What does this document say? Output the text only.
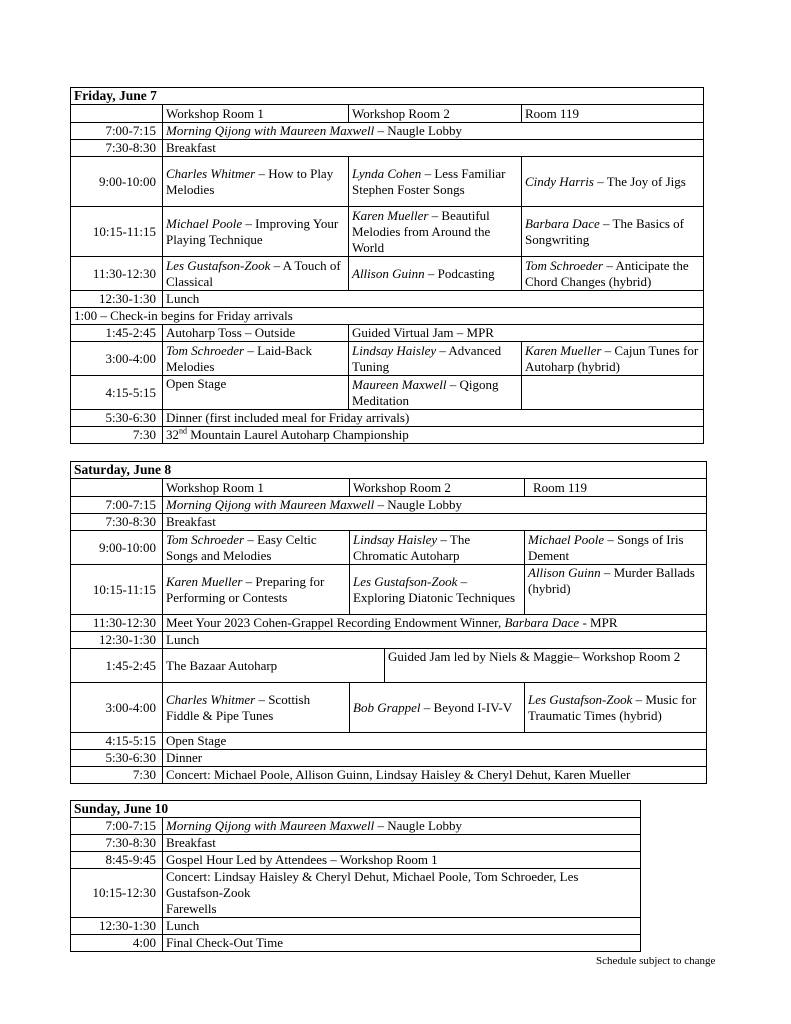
Friday, June 7			
	Workshop Room 1	Workshop Room 2	Room 119
7:00-7:15	Morning Qijong with Maureen Maxwell – Naugle Lobby		
7:30-8:30	Breakfast		
9:00-10:00	Charles Whitmer – How to Play Melodies	Lynda Cohen – Less Familiar Stephen Foster Songs	Cindy Harris – The Joy of Jigs
10:15-11:15	Michael Poole – Improving Your Playing Technique	Karen Mueller – Beautiful Melodies from Around the World	Barbara Dace – The Basics of Songwriting
11:30-12:30	Les Gustafson-Zook – A Touch of Classical	Allison Guinn – Podcasting	Tom Schroeder – Anticipate the Chord Changes (hybrid)
12:30-1:30	Lunch		
1:00 – Check-in begins for Friday arrivals			
1:45-2:45	Autoharp Toss – Outside	Guided Virtual Jam – MPR	
3:00-4:00	Tom Schroeder – Laid-Back Melodies	Lindsay Haisley – Advanced Tuning	Karen Mueller – Cajun Tunes for Autoharp (hybrid)
4:15-5:15	Open Stage	Maureen Maxwell – Qigong Meditation	
5:30-6:30	Dinner (first included meal for Friday arrivals)		
7:30	32nd Mountain Laurel Autoharp Championship		
Saturday, June 8				
	Workshop Room 1	Workshop Room 2		Room 119
7:00-7:15	Morning Qijong with Maureen Maxwell – Naugle Lobby			
7:30-8:30	Breakfast			
9:00-10:00	Tom Schroeder – Easy Celtic Songs and Melodies	Lindsay Haisley – The Chromatic Autoharp		Michael Poole – Songs of Iris Dement
10:15-11:15	Karen Mueller – Preparing for Performing or Contests	Les Gustafson-Zook – Exploring Diatonic Techniques		Allison Guinn – Murder Ballads (hybrid)
11:30-12:30	Meet Your 2023 Cohen-Grappel Recording Endowment Winner, Barbara Dace - MPR			
12:30-1:30	Lunch			
1:45-2:45	The Bazaar Autoharp		Guided Jam led by Niels & Maggie– Workshop Room 2	
3:00-4:00	Charles Whitmer – Scottish Fiddle & Pipe Tunes	Bob Grappel – Beyond I-IV-V		Les Gustafson-Zook – Music for Traumatic Times (hybrid)
4:15-5:15	Open Stage			
5:30-6:30	Dinner			
7:30	Concert: Michael Poole, Allison Guinn, Lindsay Haisley & Cheryl Dehut, Karen Mueller			
Sunday, June 10	
7:00-7:15	Morning Qijong with Maureen Maxwell – Naugle Lobby
7:30-8:30	Breakfast
8:45-9:45	Gospel Hour Led by Attendees – Workshop Room 1
10:15-12:30	Concert: Lindsay Haisley & Cheryl Dehut, Michael Poole, Tom Schroeder, Les Gustafson-Zook
Farewells

12:30-1:30	Lunch
4:00	Final Check-Out Time
Schedule subject to change
